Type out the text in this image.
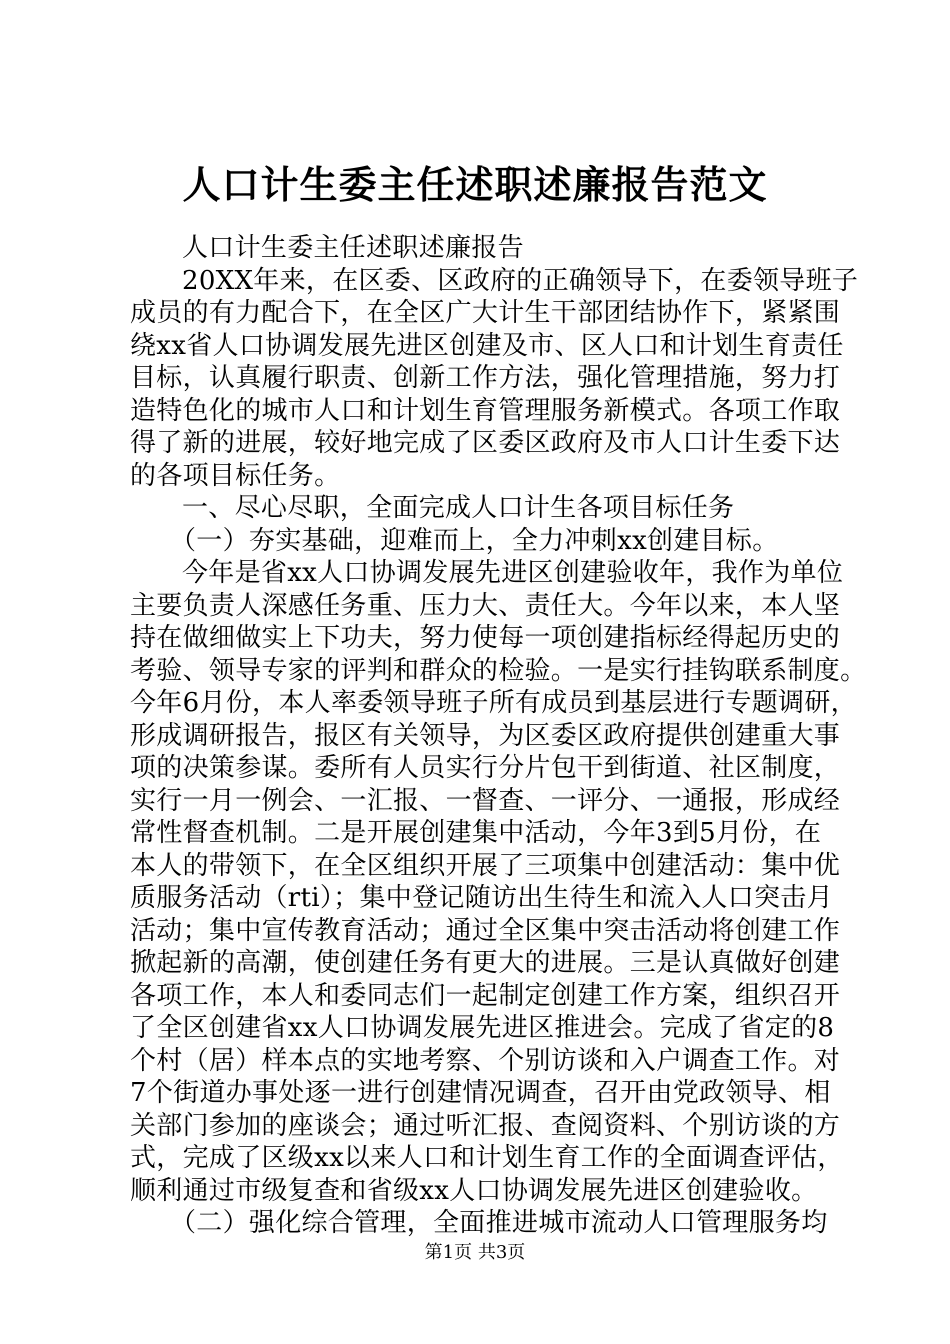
人口计生委主任述职述廉报告范文
人口计生委主任述职述廉报告
20XX年来，在区委、区政府的正确领导下，在委领导班子
成员的有力配合下，在全区广大计生干部团结协作下，紧紧围
绕xx省人口协调发展先进区创建及市、区人口和计划生育责任
目标，认真履行职责、创新工作方法，强化管理措施，努力打
造特色化的城市人口和计划生育管理服务新模式。各项工作取
得了新的进展，较好地完成了区委区政府及市人口计生委下达
的各项目标任务。
一、尽心尽职，全面完成人口计生各项目标任务
（一）夯实基础，迎难而上，全力冲刺xx创建目标。
今年是省xx人口协调发展先进区创建验收年，我作为单位
主要负责人深感任务重、压力大、责任大。今年以来，本人坚
持在做细做实上下功夫，努力使每一项创建指标经得起历史的
考验、领导专家的评判和群众的检验。一是实行挂钩联系制度。
今年6月份，本人率委领导班子所有成员到基层进行专题调研，
形成调研报告，报区有关领导，为区委区政府提供创建重大事
项的决策参谋。委所有人员实行分片包干到街道、社区制度，
实行一月一例会、一汇报、一督查、一评分、一通报，形成经
常性督查机制。二是开展创建集中活动，今年3到5月份，在
本人的带领下，在全区组织开展了三项集中创建活动：集中优
质服务活动（rti）；集中登记随访出生待生和流入人口突击月
活动；集中宣传教育活动；通过全区集中突击活动将创建工作
掀起新的高潮，使创建任务有更大的进展。三是认真做好创建
各项工作，本人和委同志们一起制定创建工作方案，组织召开
了全区创建省xx人口协调发展先进区推进会。完成了省定的8
个村（居）样本点的实地考察、个别访谈和入户调查工作。对
7个街道办事处逐一进行创建情况调查，召开由党政领导、相
关部门参加的座谈会；通过听汇报、查阅资料、个别访谈的方
式，完成了区级xx以来人口和计划生育工作的全面调查评估，
顺利通过市级复查和省级xx人口协调发展先进区创建验收。
（二）强化综合管理，全面推进城市流动人口管理服务均
第1页 共3页
